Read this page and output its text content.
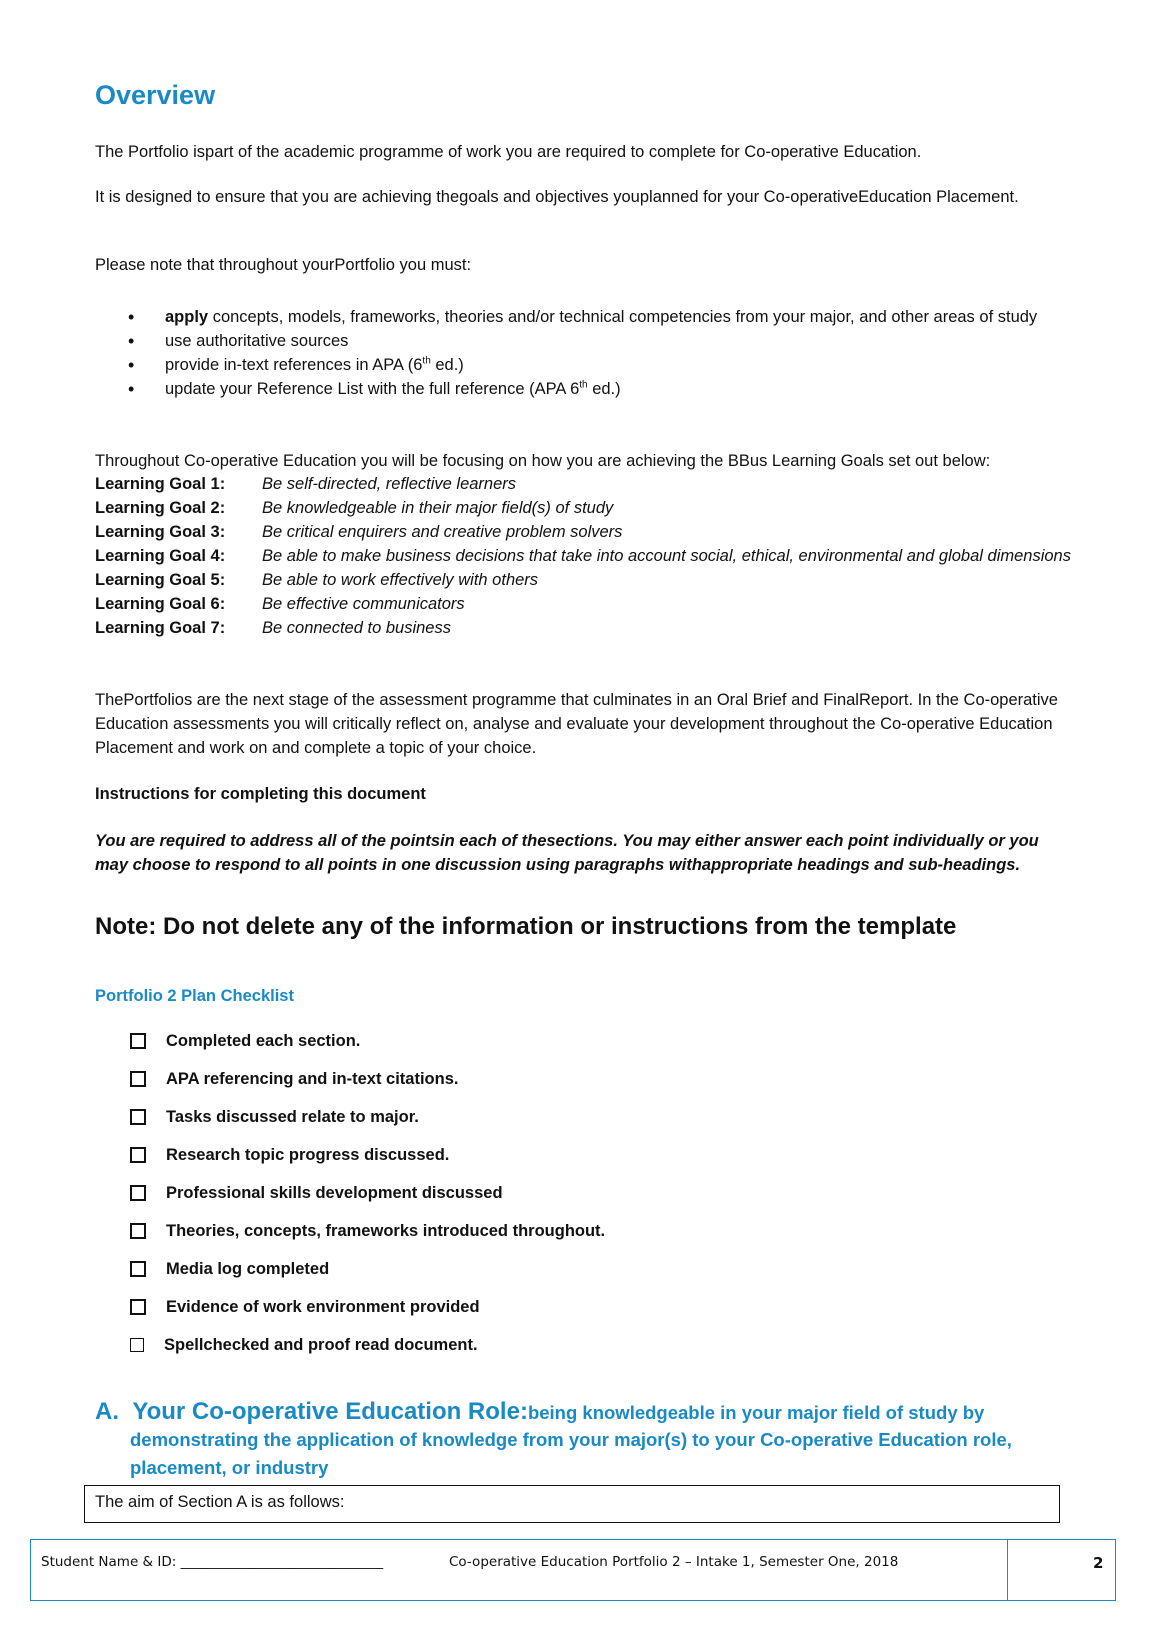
Overview

The Portfolio ispart of the academic programme of work you are required to complete for Co-operative Education.

It is designed to ensure that you are achieving thegoals and objectives youplanned for your Co-operativeEducation Placement.

Please note that throughout yourPortfolio you must:

• apply concepts, models, frameworks, theories and/or technical competencies from your major, and other areas of study
• use authoritative sources
• provide in-text references in APA (6th ed.)
• update your Reference List with the full reference (APA 6th ed.)

Throughout Co-operative Education you will be focusing on how you are achieving the BBus Learning Goals set out below:

Learning Goal 1:	Be self-directed, reflective learners
Learning Goal 2:	Be knowledgeable in their major field(s) of study
Learning Goal 3:	Be critical enquirers and creative problem solvers
Learning Goal 4:	Be able to make business decisions that take into account social, ethical, environmental and global dimensions
Learning Goal 5:	Be able to work effectively with others
Learning Goal 6:	Be effective communicators
Learning Goal 7:	Be connected to business

ThePortfolios are the next stage of the assessment programme that culminates in an Oral Brief and FinalReport. In the Co-operative Education assessments you will critically reflect on, analyse and evaluate your development throughout the Co-operative Education Placement and work on and complete a topic of your choice.

Instructions for completing this document

You are required to address all of the pointsin each of thesections. You may either answer each point individually or you may choose to respond to all points in one discussion using paragraphs withappropriate headings and sub-headings.

Note: Do not delete any of the information or instructions from the template
Portfolio 2 Plan Checklist
Completed each section.
APA referencing and in-text citations.
Tasks discussed relate to major.
Research topic progress discussed.
Professional skills development discussed
Theories, concepts, frameworks introduced throughout.
Media log completed
Evidence of work environment provided
Spellchecked and proof read document.
A. Your Co-operative Education Role:being knowledgeable in your major field of study by
demonstrating the application of knowledge from your major(s) to your Co-operative Education role,
placement, or industry
The aim of Section A is as follows:
Student Name & ID: ______________________________	Co-operative Education Portfolio 2 – Intake 1, Semester One, 2018	2
